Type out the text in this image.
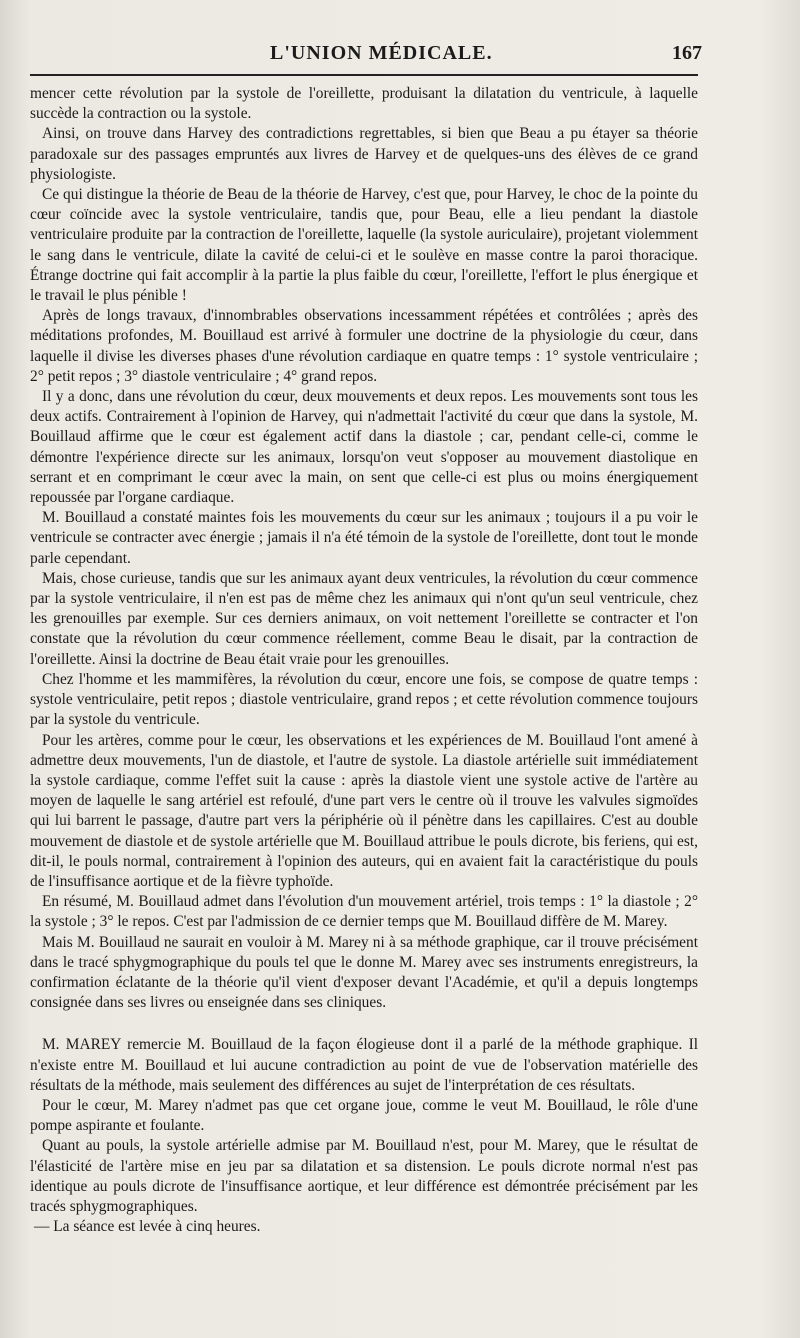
L'UNION MÉDICALE.	167

mencer cette révolution par la systole de l'oreillette, produisant la dilatation du ventricule, à laquelle succède la contraction ou la systole.

Ainsi, on trouve dans Harvey des contradictions regrettables, si bien que Beau a pu étayer sa théorie paradoxale sur des passages empruntés aux livres de Harvey et de quelques-uns des élèves de ce grand physiologiste.

Ce qui distingue la théorie de Beau de la théorie de Harvey, c'est que, pour Harvey, le choc de la pointe du cœur coïncide avec la systole ventriculaire, tandis que, pour Beau, elle a lieu pendant la diastole ventriculaire produite par la contraction de l'oreillette, laquelle (la systole auriculaire), projetant violemment le sang dans le ventricule, dilate la cavité de celui-ci et le soulève en masse contre la paroi thoracique. Étrange doctrine qui fait accomplir à la partie la plus faible du cœur, l'oreillette, l'effort le plus énergique et le travail le plus pénible !

Après de longs travaux, d'innombrables observations incessamment répétées et contrôlées ; après des méditations profondes, M. Bouillaud est arrivé à formuler une doctrine de la physiologie du cœur, dans laquelle il divise les diverses phases d'une révolution cardiaque en quatre temps : 1° systole ventriculaire ; 2° petit repos ; 3° diastole ventriculaire ; 4° grand repos.

Il y a donc, dans une révolution du cœur, deux mouvements et deux repos. Les mouvements sont tous les deux actifs. Contrairement à l'opinion de Harvey, qui n'admettait l'activité du cœur que dans la systole, M. Bouillaud affirme que le cœur est également actif dans la diastole ; car, pendant celle-ci, comme le démontre l'expérience directe sur les animaux, lorsqu'on veut s'opposer au mouvement diastolique en serrant et en comprimant le cœur avec la main, on sent que celle-ci est plus ou moins énergiquement repoussée par l'organe cardiaque.

M. Bouillaud a constaté maintes fois les mouvements du cœur sur les animaux ; toujours il a pu voir le ventricule se contracter avec énergie ; jamais il n'a été témoin de la systole de l'oreillette, dont tout le monde parle cependant.

Mais, chose curieuse, tandis que sur les animaux ayant deux ventricules, la révolution du cœur commence par la systole ventriculaire, il n'en est pas de même chez les animaux qui n'ont qu'un seul ventricule, chez les grenouilles par exemple. Sur ces derniers animaux, on voit nettement l'oreillette se contracter et l'on constate que la révolution du cœur commence réellement, comme Beau le disait, par la contraction de l'oreillette. Ainsi la doctrine de Beau était vraie pour les grenouilles.

Chez l'homme et les mammifères, la révolution du cœur, encore une fois, se compose de quatre temps : systole ventriculaire, petit repos ; diastole ventriculaire, grand repos ; et cette révolution commence toujours par la systole du ventricule.

Pour les artères, comme pour le cœur, les observations et les expériences de M. Bouillaud l'ont amené à admettre deux mouvements, l'un de diastole, et l'autre de systole. La diastole artérielle suit immédiatement la systole cardiaque, comme l'effet suit la cause : après la diastole vient une systole active de l'artère au moyen de laquelle le sang artériel est refoulé, d'une part vers le centre où il trouve les valvules sigmoïdes qui lui barrent le passage, d'autre part vers la périphérie où il pénètre dans les capillaires. C'est au double mouvement de diastole et de systole artérielle que M. Bouillaud attribue le pouls dicrote, bis feriens, qui est, dit-il, le pouls normal, contrairement à l'opinion des auteurs, qui en avaient fait la caractéristique du pouls de l'insuffisance aortique et de la fièvre typhoïde.

En résumé, M. Bouillaud admet dans l'évolution d'un mouvement artériel, trois temps : 1° la diastole ; 2° la systole ; 3° le repos. C'est par l'admission de ce dernier temps que M. Bouillaud diffère de M. Marey.

Mais M. Bouillaud ne saurait en vouloir à M. Marey ni à sa méthode graphique, car il trouve précisément dans le tracé sphygmographique du pouls tel que le donne M. Marey avec ses instruments enregistreurs, la confirmation éclatante de la théorie qu'il vient d'exposer devant l'Académie, et qu'il a depuis longtemps consignée dans ses livres ou enseignée dans ses cliniques.

M. MAREY remercie M. Bouillaud de la façon élogieuse dont il a parlé de la méthode graphique. Il n'existe entre M. Bouillaud et lui aucune contradiction au point de vue de l'observation matérielle des résultats de la méthode, mais seulement des différences au sujet de l'interprétation de ces résultats.

Pour le cœur, M. Marey n'admet pas que cet organe joue, comme le veut M. Bouillaud, le rôle d'une pompe aspirante et foulante.

Quant au pouls, la systole artérielle admise par M. Bouillaud n'est, pour M. Marey, que le résultat de l'élasticité de l'artère mise en jeu par sa dilatation et sa distension. Le pouls dicrote normal n'est pas identique au pouls dicrote de l'insuffisance aortique, et leur différence est démontrée précisément par les tracés sphygmographiques.

— La séance est levée à cinq heures.
